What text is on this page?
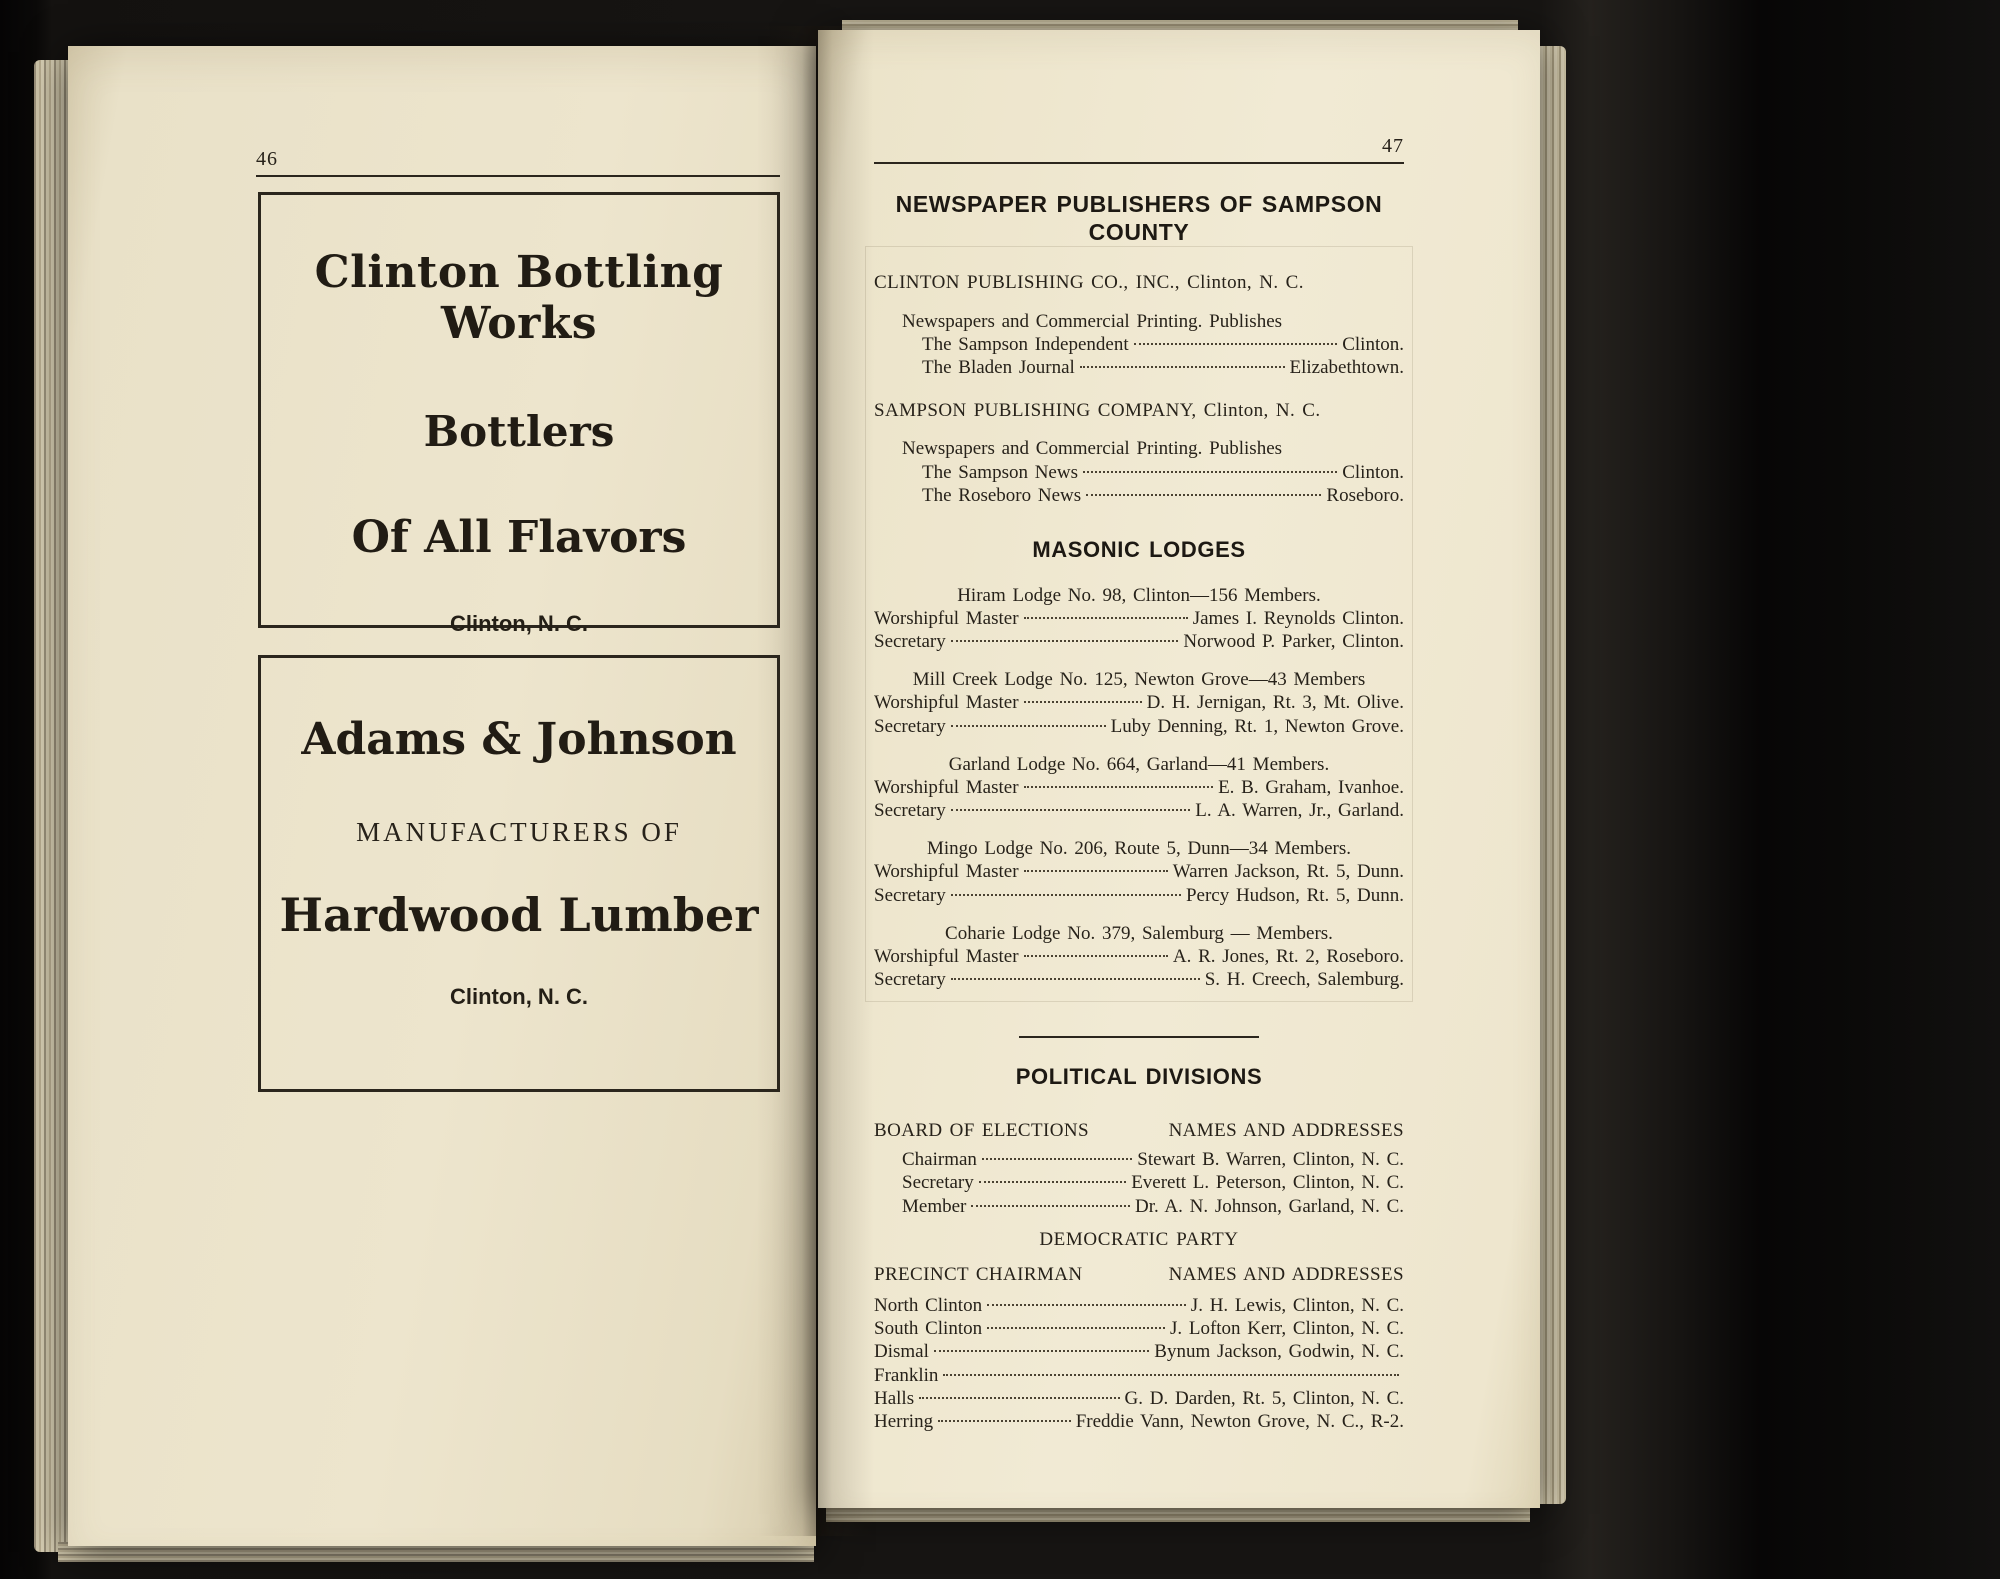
46
Clinton Bottling Works
Bottlers
Of All Flavors
Clinton, N. C.
Adams & Johnson
MANUFACTURERS OF
Hardwood Lumber
Clinton, N. C.
47
NEWSPAPER PUBLISHERS OF SAMPSON COUNTY
CLINTON PUBLISHING CO., INC., Clinton, N. C.
Newspapers and Commercial Printing. Publishes
The Sampson Independent	Clinton.
The Bladen Journal	Elizabethtown.
SAMPSON PUBLISHING COMPANY, Clinton, N. C.
Newspapers and Commercial Printing. Publishes
The Sampson News	Clinton.
The Roseboro News	Roseboro.
MASONIC LODGES
Hiram Lodge No. 98, Clinton—156 Members.
Worshipful Master	James I. Reynolds Clinton.
Secretary	Norwood P. Parker, Clinton.
Mill Creek Lodge No. 125, Newton Grove—43 Members
Worshipful Master	D. H. Jernigan, Rt. 3, Mt. Olive.
Secretary	Luby Denning, Rt. 1, Newton Grove.
Garland Lodge No. 664, Garland—41 Members.
Worshipful Master	E. B. Graham, Ivanhoe.
Secretary	L. A. Warren, Jr., Garland.
Mingo Lodge No. 206, Route 5, Dunn—34 Members.
Worshipful Master	Warren Jackson, Rt. 5, Dunn.
Secretary	Percy Hudson, Rt. 5, Dunn.
Coharie Lodge No. 379, Salemburg — Members.
Worshipful Master	A. R. Jones, Rt. 2, Roseboro.
Secretary	S. H. Creech, Salemburg.
POLITICAL DIVISIONS
BOARD OF ELECTIONS	NAMES AND ADDRESSES
Chairman	Stewart B. Warren, Clinton, N. C.
Secretary	Everett L. Peterson, Clinton, N. C.
Member	Dr. A. N. Johnson, Garland, N. C.
DEMOCRATIC PARTY
PRECINCT CHAIRMAN	NAMES AND ADDRESSES
North Clinton	J. H. Lewis, Clinton, N. C.
South Clinton	J. Lofton Kerr, Clinton, N. C.
Dismal	Bynum Jackson, Godwin, N. C.
Franklin
Halls	G. D. Darden, Rt. 5, Clinton, N. C.
Herring	Freddie Vann, Newton Grove, N. C., R-2.
